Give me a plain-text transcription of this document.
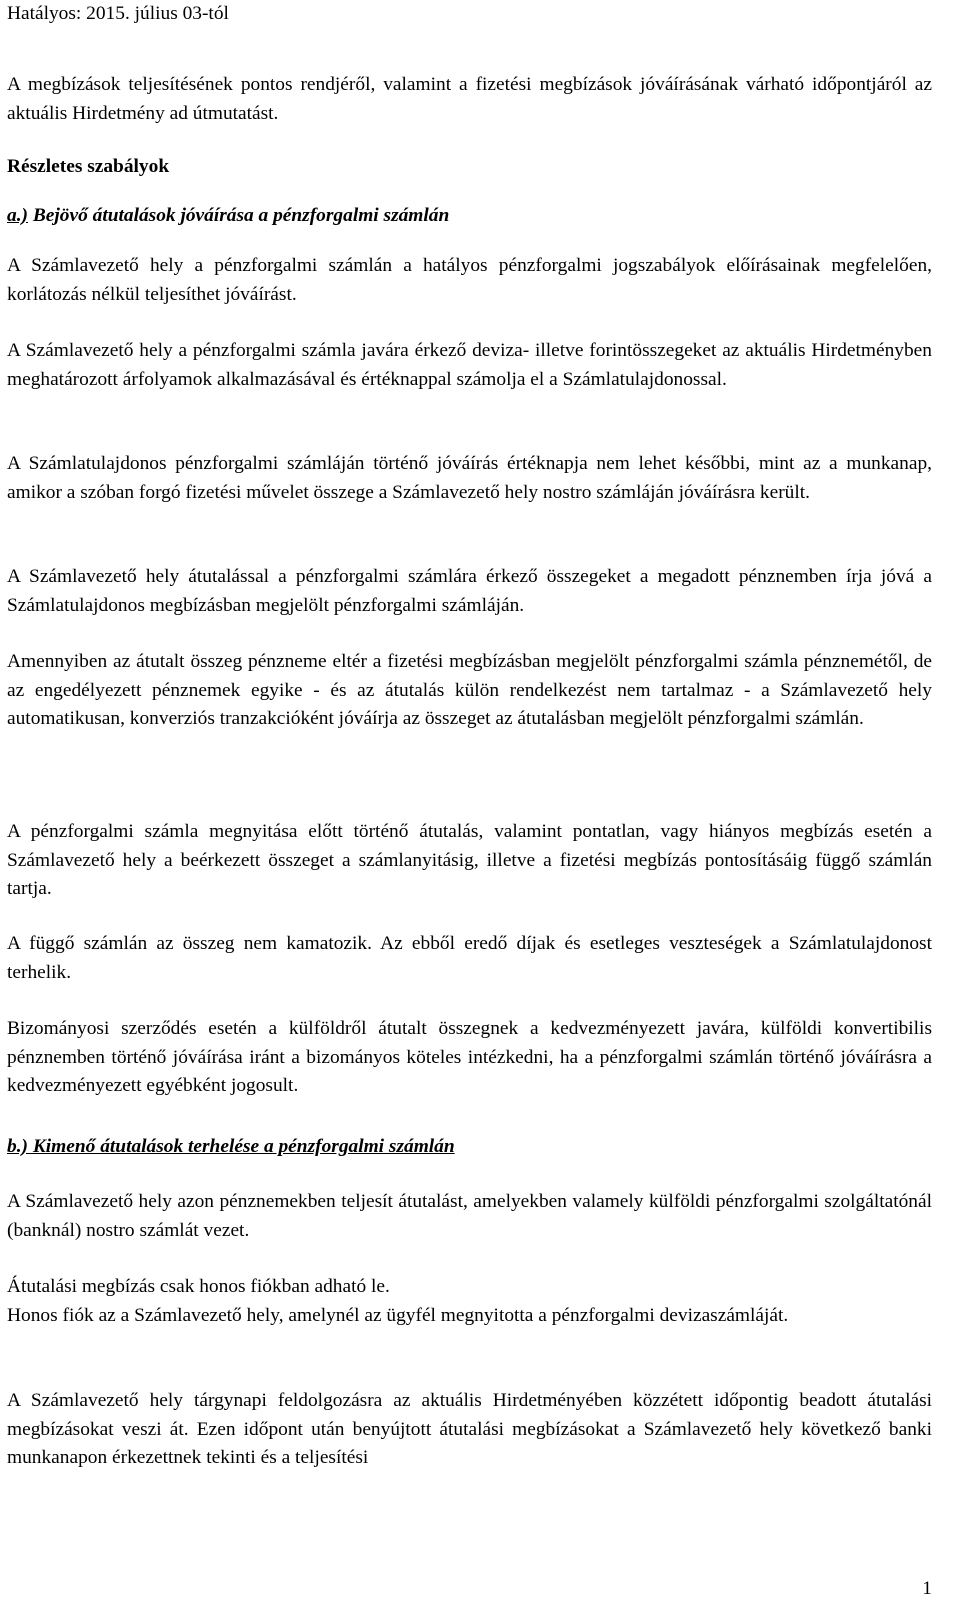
Hatályos: 2015. július 03-tól

A megbízások teljesítésének pontos rendjéről, valamint a fizetési megbízások jóváírásának várható időpontjáról az aktuális Hirdetmény ad útmutatást.

Részletes szabályok

a.) Bejövő átutalások jóváírása a pénzforgalmi számlán

A Számlavezető hely a pénzforgalmi számlán a hatályos pénzforgalmi jogszabályok előírásainak megfelelően, korlátozás nélkül teljesíthet jóváírást.

A Számlavezető hely a pénzforgalmi számla javára érkező deviza- illetve forintösszegeket az aktuális Hirdetményben meghatározott árfolyamok alkalmazásával és értéknappal számolja el a Számlatulajdonossal.

A Számlatulajdonos pénzforgalmi számláján történő jóváírás értéknapja nem lehet későbbi, mint az a munkanap, amikor a szóban forgó fizetési művelet összege a Számlavezető hely nostro számláján jóváírásra került.

A Számlavezető hely átutalással a pénzforgalmi számlára érkező összegeket a megadott pénznemben írja jóvá a Számlatulajdonos megbízásban megjelölt pénzforgalmi számláján.

Amennyiben az átutalt összeg pénzneme eltér a fizetési megbízásban megjelölt pénzforgalmi számla pénznemétől, de az engedélyezett pénznemek egyike - és az átutalás külön rendelkezést nem tartalmaz - a Számlavezető hely automatikusan, konverziós tranzakcióként jóváírja az összeget az átutalásban megjelölt pénzforgalmi számlán.

A pénzforgalmi számla megnyitása előtt történő átutalás, valamint pontatlan, vagy hiányos megbízás esetén a Számlavezető hely a beérkezett összeget a számlanyitásig, illetve a fizetési megbízás pontosításáig függő számlán tartja.

A függő számlán az összeg nem kamatozik. Az ebből eredő díjak és esetleges veszteségek a Számlatulajdonost terhelik.

Bizományosi szerződés esetén a külföldről átutalt összegnek a kedvezményezett javára, külföldi konvertibilis pénznemben történő jóváírása iránt a bizományos köteles intézkedni, ha a pénzforgalmi számlán történő jóváírásra a kedvezményezett egyébként jogosult.

b.) Kimenő átutalások terhelése a pénzforgalmi számlán

A Számlavezető hely azon pénznemekben teljesít átutalást, amelyekben valamely külföldi pénzforgalmi szolgáltatónál (banknál) nostro számlát vezet.

Átutalási megbízás csak honos fiókban adható le.

Honos fiók az a Számlavezető hely, amelynél az ügyfél megnyitotta a pénzforgalmi devizaszámláját.

A Számlavezető hely tárgynapi feldolgozásra az aktuális Hirdetményében közzétett időpontig beadott átutalási megbízásokat veszi át. Ezen időpont után benyújtott átutalási megbízásokat a Számlavezető hely következő banki munkanapon érkezettnek tekinti és a teljesítési

1
